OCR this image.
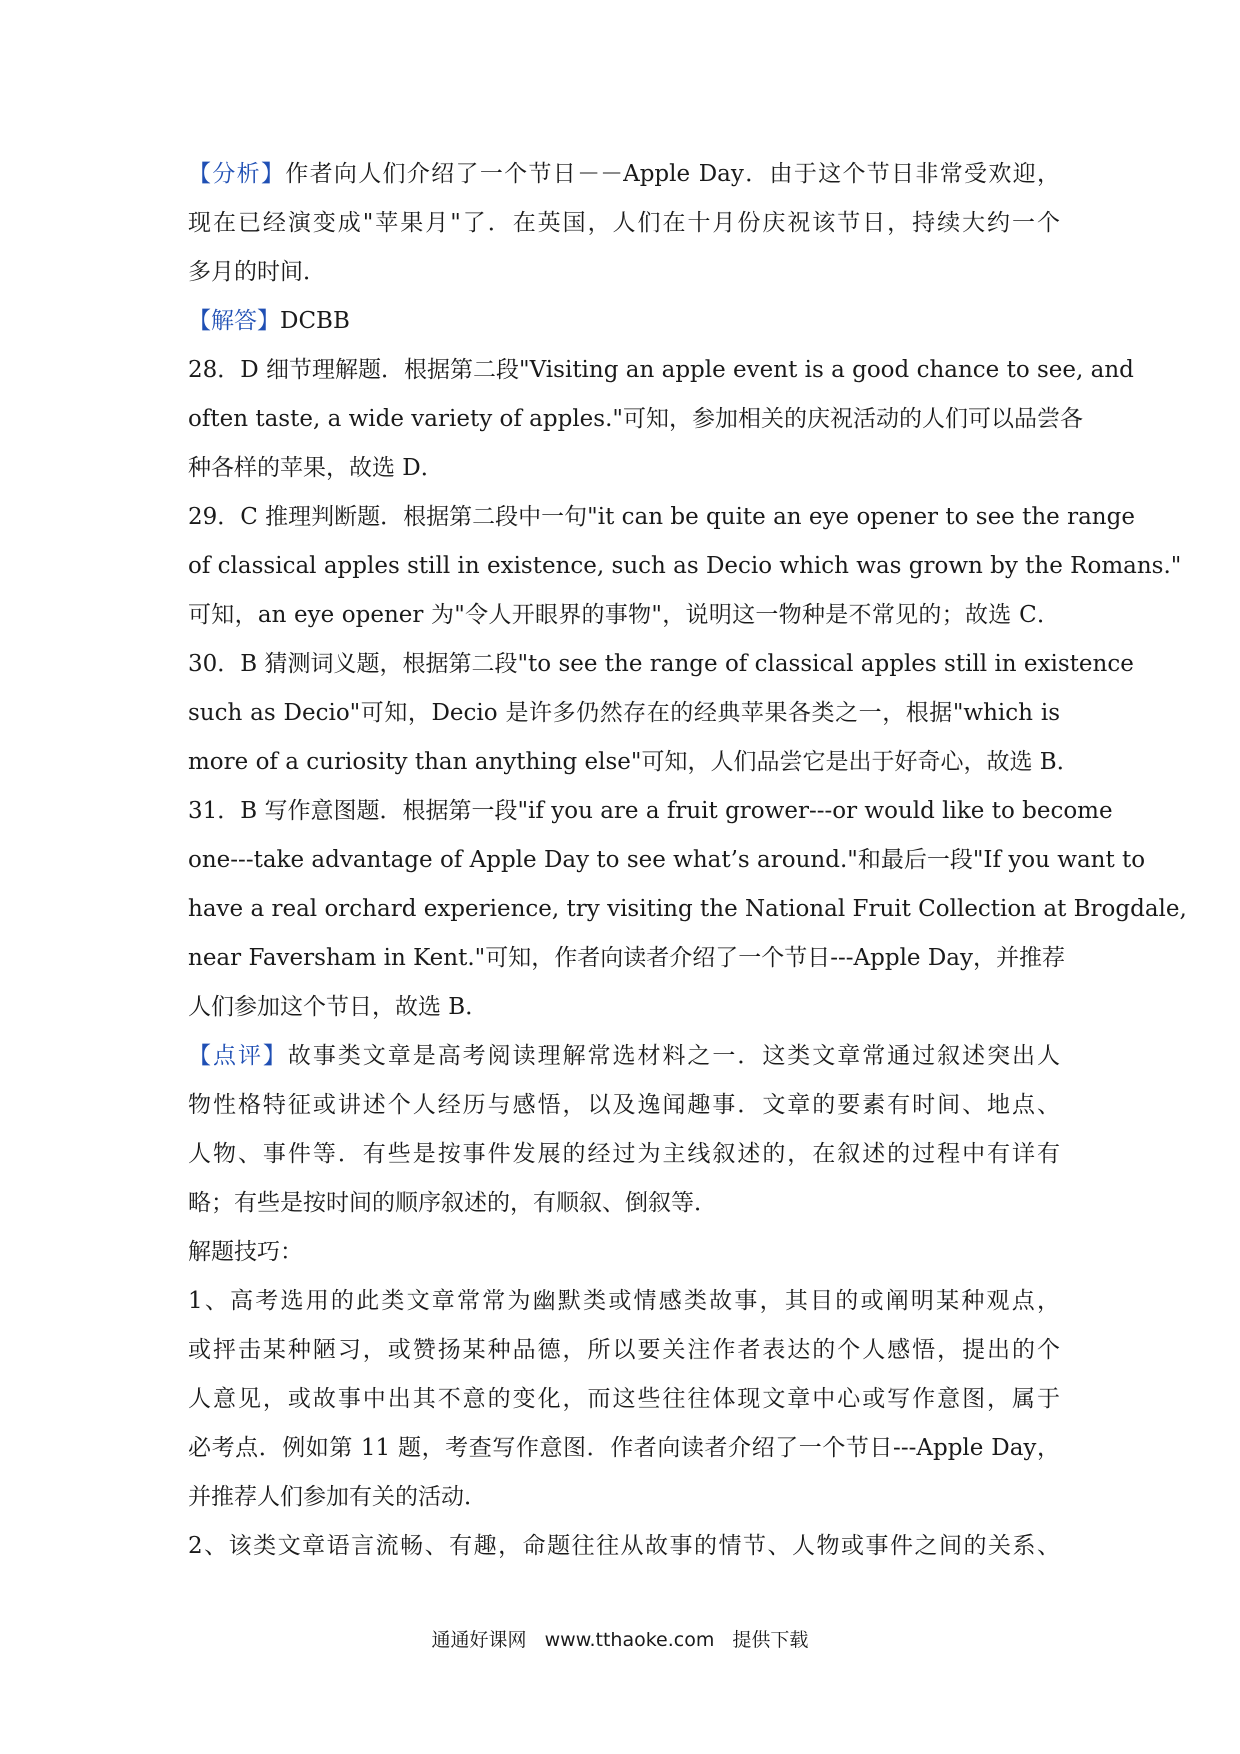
【分析】作者向人们介绍了一个节日－－Apple Day．由于这个节日非常受欢迎，
现在已经演变成"苹果月"了．在英国，人们在十月份庆祝该节日，持续大约一个
多月的时间．
【解答】DCBB
28．D 细节理解题．根据第二段"Visiting an apple event is a good chance to see, and
often taste, a wide variety of apples."可知，参加相关的庆祝活动的人们可以品尝各
种各样的苹果，故选 D．
29．C 推理判断题．根据第二段中一句"it can be quite an eye opener to see the range
of classical apples still in existence, such as Decio which was grown by the Romans."
可知，an eye opener 为"令人开眼界的事物"，说明这一物种是不常见的；故选 C．
30．B 猜测词义题，根据第二段"to see the range of classical apples still in existence
such as Decio"可知，Decio 是许多仍然存在的经典苹果各类之一，根据"which is
more of a curiosity than anything else"可知，人们品尝它是出于好奇心，故选 B．
31．B 写作意图题．根据第一段"if you are a fruit grower---or would like to become
one---take advantage of Apple Day to see what’s around."和最后一段"If you want to
have a real orchard experience, try visiting the National Fruit Collection at Brogdale,
near Faversham in Kent."可知，作者向读者介绍了一个节日---Apple Day，并推荐
人们参加这个节日，故选 B．
【点评】故事类文章是高考阅读理解常选材料之一．这类文章常通过叙述突出人
物性格特征或讲述个人经历与感悟，以及逸闻趣事．文章的要素有时间、地点、
人物、事件等．有些是按事件发展的经过为主线叙述的，在叙述的过程中有详有
略；有些是按时间的顺序叙述的，有顺叙、倒叙等．
解题技巧：
1、高考选用的此类文章常常为幽默类或情感类故事，其目的或阐明某种观点，
或抨击某种陋习，或赞扬某种品德，所以要关注作者表达的个人感悟，提出的个
人意见，或故事中出其不意的变化，而这些往往体现文章中心或写作意图，属于
必考点．例如第 11 题，考查写作意图．作者向读者介绍了一个节日---Apple Day，
并推荐人们参加有关的活动．
2、该类文章语言流畅、有趣，命题往往从故事的情节、人物或事件之间的关系、
通通好课网 www.tthaoke.com 提供下载
